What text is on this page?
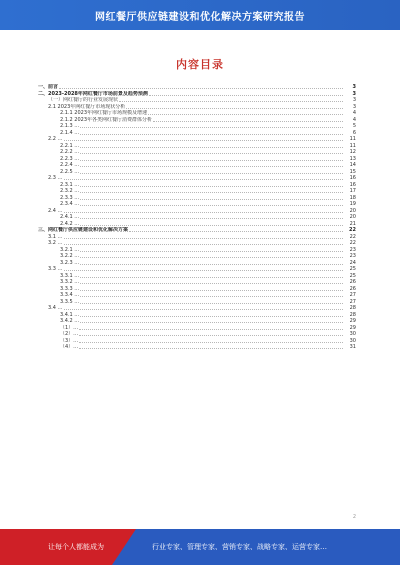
网红餐厅供应链建设和优化解决方案研究报告
内容目录
一、前言	3
二、2023-2028年网红餐厅市场前景及趋势预测	3
（一）网红餐厅的行业发展现状	3
2.1 2023年网红餐厅市场现状分析	3
2.1.1 2023年网红餐厅市场规模及增速	4
2.1.2 2023年各类网红餐厅消费群体分析	4
2.1.3 …	5
2.1.4 …	6
2.2 …	11
2.2.1 …	11
2.2.2 …	12
2.2.3 …	13
2.2.4 …	14
2.2.5 …	15
2.3 …	16
2.3.1 …	16
2.3.2 …	17
2.3.3 …	18
2.3.4 …	19
2.4 …	20
2.4.1 …	20
2.4.2 …	21
三、网红餐厅供应链建设和优化解决方案	22
3.1 …	22
3.2 …	22
3.2.1 …	23
3.2.2 …	23
3.2.3 …	24
3.3 …	25
3.3.1 …	25
3.3.2 …	26
3.3.3 …	26
3.3.4 …	27
3.3.5 …	27
3.4 …	28
3.4.1 …	28
3.4.2 …	29
（1）…	29
（2）…	30
（3）…	30
（4）…	31
2
让每个人都能成为	行业专家、管理专家、营销专家、战略专家、运营专家…
